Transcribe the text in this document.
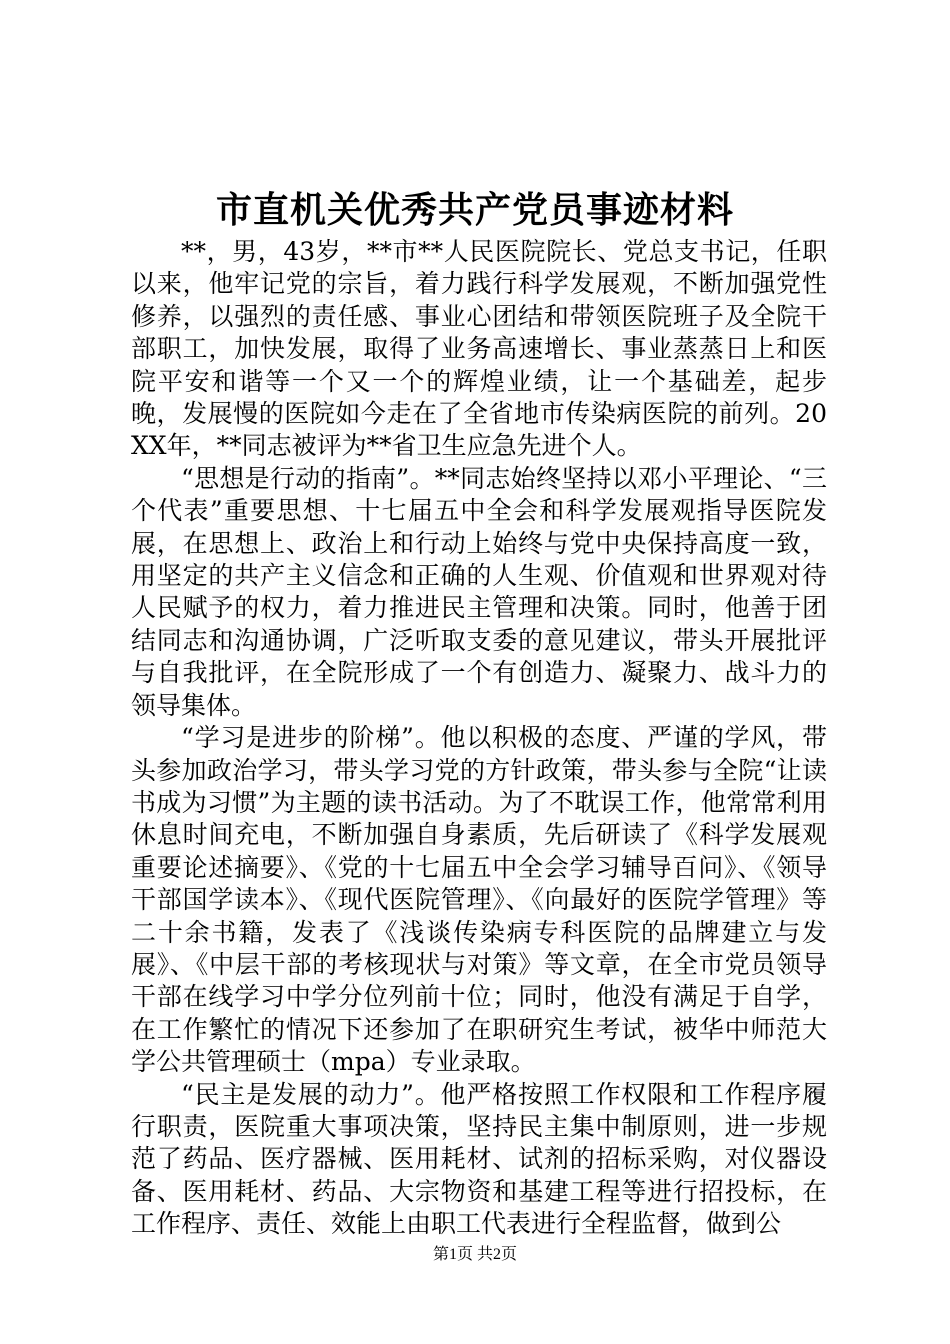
市直机关优秀共产党员事迹材料

**，男，43岁，**市**人民医院院长、党总支书记，任职以来，他牢记党的宗旨，着力践行科学发展观，不断加强党性修养，以强烈的责任感、事业心团结和带领医院班子及全院干部职工，加快发展，取得了业务高速增长、事业蒸蒸日上和医院平安和谐等一个又一个的辉煌业绩，让一个基础差，起步晚，发展慢的医院如今走在了全省地市传染病医院的前列。20XX年，**同志被评为**省卫生应急先进个人。

“思想是行动的指南”。**同志始终坚持以邓小平理论、“三个代表”重要思想、十七届五中全会和科学发展观指导医院发展，在思想上、政治上和行动上始终与党中央保持高度一致，用坚定的共产主义信念和正确的人生观、价值观和世界观对待人民赋予的权力，着力推进民主管理和决策。同时，他善于团结同志和沟通协调，广泛听取支委的意见建议，带头开展批评与自我批评，在全院形成了一个有创造力、凝聚力、战斗力的领导集体。

“学习是进步的阶梯”。他以积极的态度、严谨的学风，带头参加政治学习，带头学习党的方针政策，带头参与全院“让读书成为习惯”为主题的读书活动。为了不耽误工作，他常常利用休息时间充电，不断加强自身素质，先后研读了《科学发展观重要论述摘要》、《党的十七届五中全会学习辅导百问》、《领导干部国学读本》、《现代医院管理》、《向最好的医院学管理》等二十余书籍，发表了《浅谈传染病专科医院的品牌建立与发展》、《中层干部的考核现状与对策》等文章，在全市党员领导干部在线学习中学分位列前十位；同时，他没有满足于自学，在工作繁忙的情况下还参加了在职研究生考试，被华中师范大学公共管理硕士（mpa）专业录取。

“民主是发展的动力”。他严格按照工作权限和工作程序履行职责，医院重大事项决策，坚持民主集中制原则，进一步规范了药品、医疗器械、医用耗材、试剂的招标采购，对仪器设备、医用耗材、药品、大宗物资和基建工程等进行招投标，在工作程序、责任、效能上由职工代表进行全程监督，做到公

第1页 共2页
